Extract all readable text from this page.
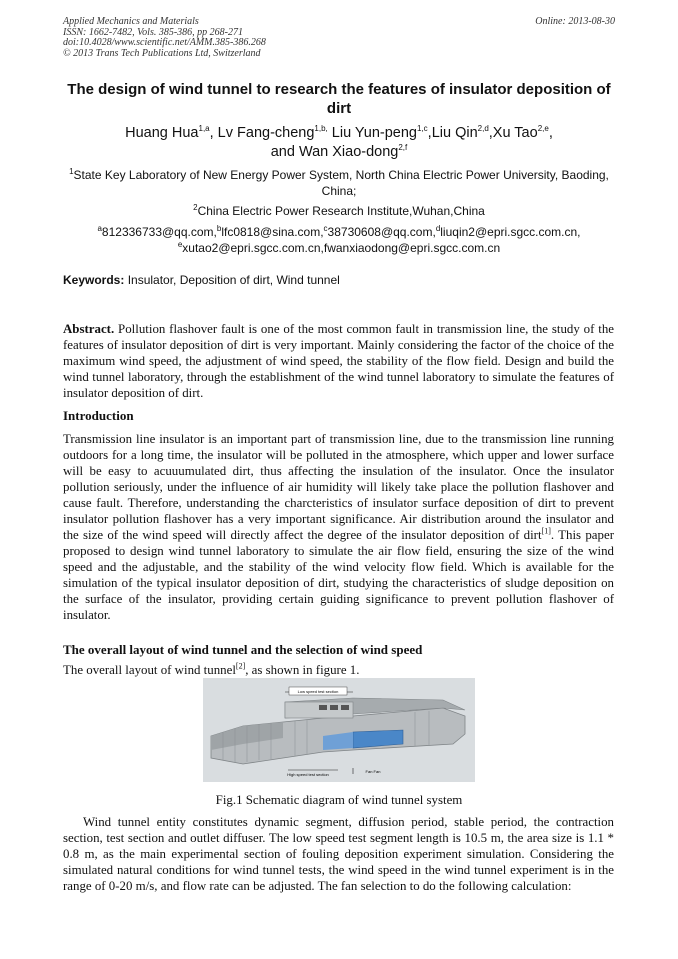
Applied Mechanics and Materials
ISSN: 1662-7482, Vols. 385-386, pp 268-271
doi:10.4028/www.scientific.net/AMM.385-386.268
© 2013 Trans Tech Publications Ltd, Switzerland
Online: 2013-08-30
The design of wind tunnel to research the features of insulator deposition of dirt
Huang Hua$^{1,a}$, Lv Fang-cheng$^{1,b,}$ Liu Yun-peng$^{1,c}$,Liu Qin$^{2,d}$,Xu Tao$^{2,e}$,
and Wan Xiao-dong$^{2,f}$
$^1$State Key Laboratory of New Energy Power System, North China Electric Power University, Baoding, China;
$^2$China Electric Power Research Institute,Wuhan,China
$^a$812336733@qq.com,$^b$lfc0818@sina.com,$^c$38730608@qq.com,$^d$liuqin2@epri.sgcc.com.cn,
$^e$xutao2@epri.sgcc.com.cn,fwanxiaodong@epri.sgcc.com.cn
Keywords: Insulator, Deposition of dirt, Wind tunnel
Abstract. Pollution flashover fault is one of the most common fault in transmission line, the study of the features of insulator deposition of dirt is very important. Mainly considering the factor of the choice of the maximum wind speed, the adjustment of wind speed, the stability of the flow field. Design and build the wind tunnel laboratory, through the establishment of the wind tunnel laboratory to simulate the features of insulator deposition of dirt.
Introduction
Transmission line insulator is an important part of transmission line, due to the transmission line running outdoors for a long time, the insulator will be polluted in the atmosphere, which upper and lower surface will be easy to acuuumulated dirt, thus affecting the insulation of the insulator. Once the insulator pollution seriously, under the influence of air humidity will likely take place the pollution flashover and cause fault. Therefore, understanding the charcteristics of insulator surface deposition of dirt to prevent insulator pollution flashover has a very important significance. Air distribution around the insulator and the size of the wind speed will directly affect the degree of the insulator deposition of dirt[1]. This paper proposed to design wind tunnel laboratory to simulate the air flow field, ensuring the size of the wind speed and the adjustable, and the stability of the wind velocity flow field. Which is available for the simulation of the typical insulator deposition of dirt, studying the characteristics of sludge deposition on the surface of the insulator, providing certain guiding significance to prevent pollution flashover of insulator.
The overall layout of wind tunnel and the selection of wind speed
The overall layout of wind tunnel[2], as shown in figure 1.
Low speed test section
High speed test section
Fan Fan
Fig.1 Schematic diagram of wind tunnel system
Wind tunnel entity constitutes dynamic segment, diffusion period, stable period, the contraction section, test section and outlet diffuser. The low speed test segment length is 10.5 m, the area size is 1.1 * 0.8 m, as the main experimental section of fouling deposition experiment simulation. Considering the simulated natural conditions for wind tunnel tests, the wind speed in the wind tunnel experiment is in the range of 0-20 m/s, and flow rate can be adjusted. The fan selection to do the following calculation:
